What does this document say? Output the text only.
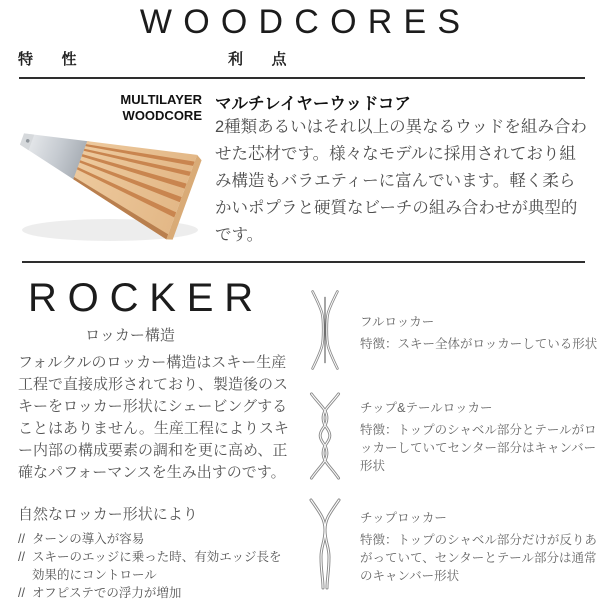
WOODCORES
特性	利点
MULTILAYER
WOODCORE
マルチレイヤーウッドコア
2種類あるいはそれ以上の異なるウッドを組み合わせた芯材です。様々なモデルに採用されており組み構造もバラエティーに富んでいます。軽く柔らかいポプラと硬質なビーチの組み合わせが典型的です。
ROCKER
ロッカー構造
フォルクルのロッカー構造はスキー生産工程で直接成形されており、製造後のスキーをロッカー形状にシェービングすることはありません。生産工程によりスキー内部の構成要素の調和を更に高め、正確なパフォーマンスを生み出すのです。
自然なロッカー形状により
// ターンの導入が容易
// スキーのエッジに乗った時、有効エッジ長を効果的にコントロール
// オフピステでの浮力が増加
フルロッカー
特徴：スキー全体がロッカーしている形状
チップ&テールロッカー
特徴：トップのシャベル部分とテールがロッカーしていてセンター部分はキャンバー形状
チップロッカー
特徴：トップのシャベル部分だけが反りあがっていて、センターとテール部分は通常のキャンバー形状
